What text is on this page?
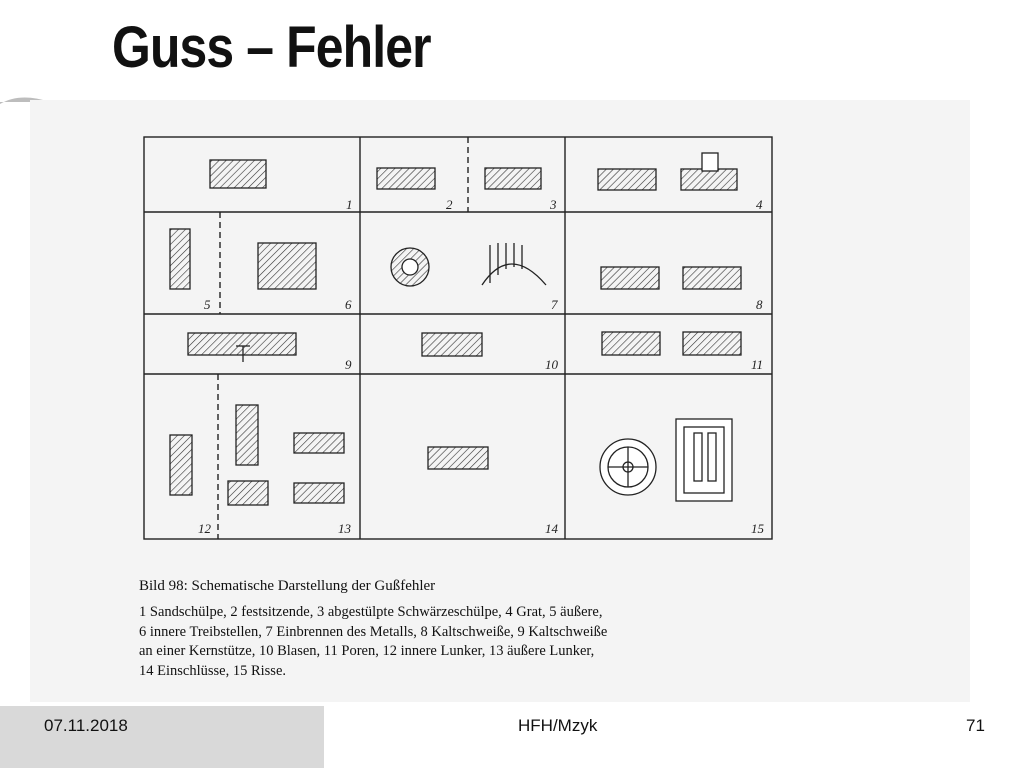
Guss – Fehler
1	2	3	4
5	6	7	8
9	10	11
12	13	14	15
Bild 98: Schematische Darstellung der Gußfehler
1 Sandschülpe, 2 festsitzende, 3 abgestülpte Schwärzeschülpe, 4 Grat, 5 äußere,
6 innere Treibstellen, 7 Einbrennen des Metalls, 8 Kaltschweiße, 9 Kaltschweiße
an einer Kernstütze, 10 Blasen, 11 Poren, 12 innere Lunker, 13 äußere Lunker,
14 Einschlüsse, 15 Risse.
07.11.2018	HFH/Mzyk	71
